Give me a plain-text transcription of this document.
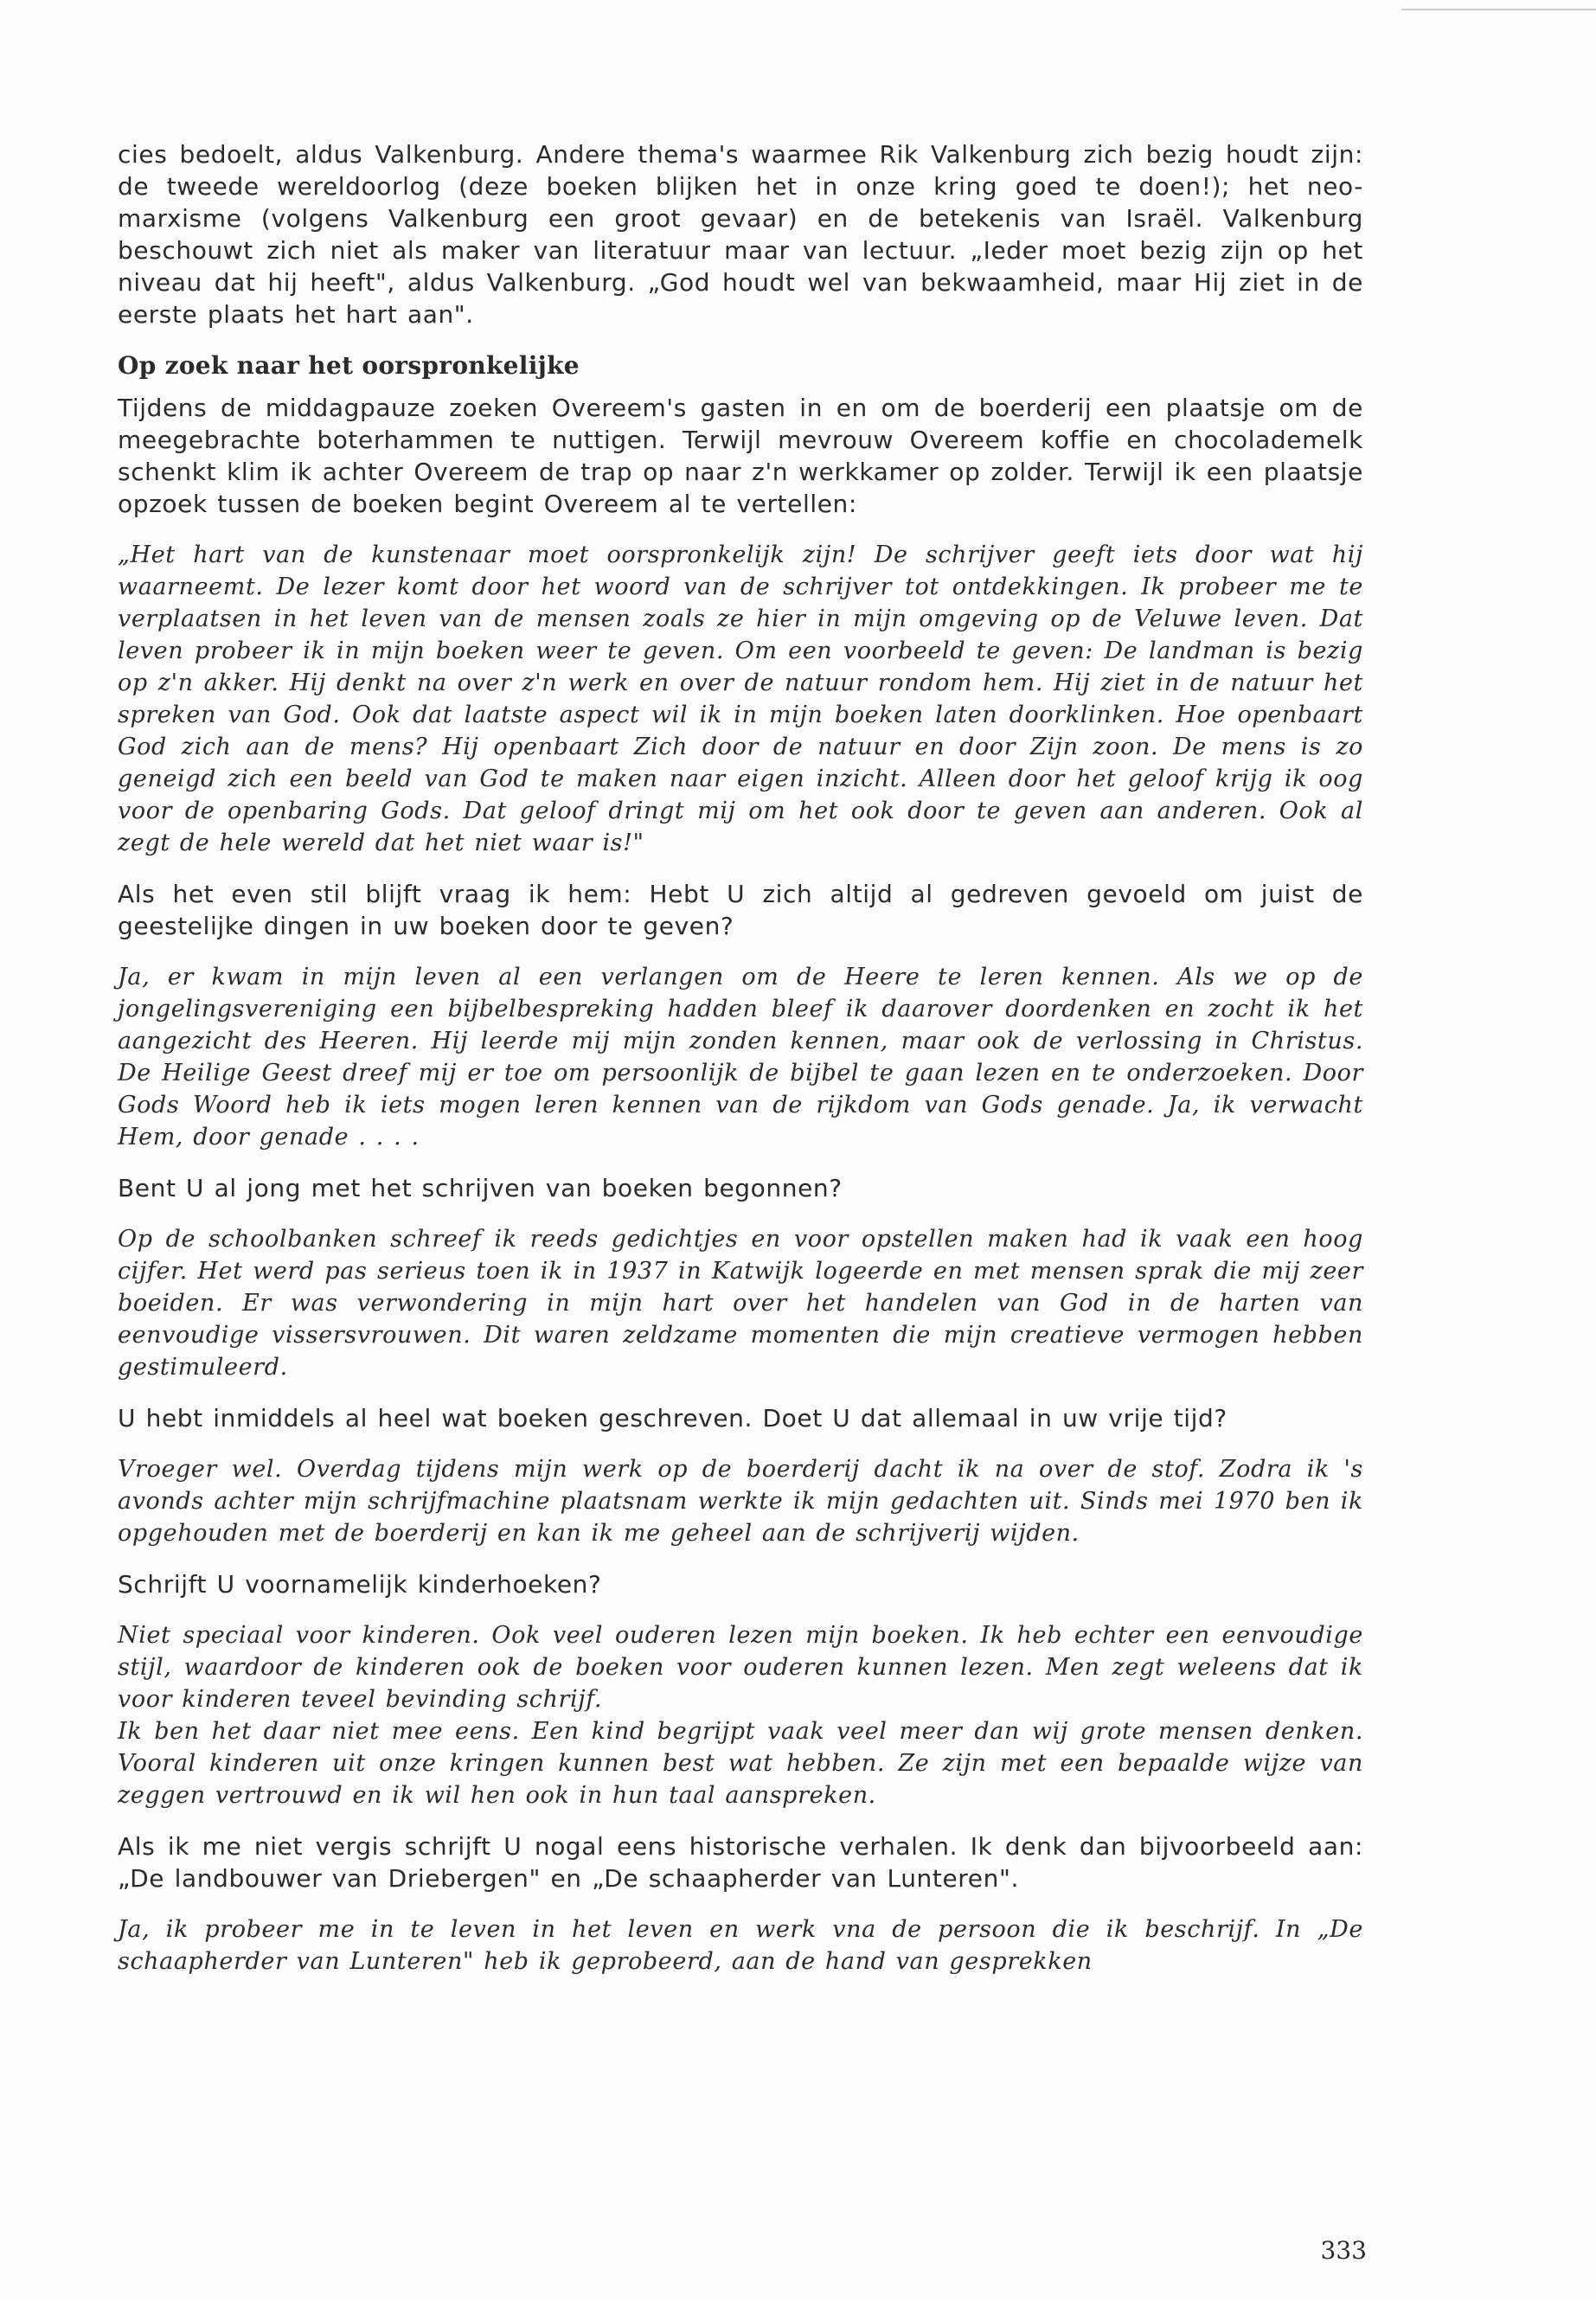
cies bedoelt, aldus Valkenburg. Andere thema's waarmee Rik Valkenburg zich bezig houdt zijn: de tweede wereldoorlog (deze boeken blijken het in onze kring goed te doen!); het neo-marxisme (volgens Valkenburg een groot gevaar) en de betekenis van Israël. Valkenburg beschouwt zich niet als maker van literatuur maar van lectuur. „Ieder moet bezig zijn op het niveau dat hij heeft", aldus Valkenburg. „God houdt wel van bekwaamheid, maar Hij ziet in de eerste plaats het hart aan".

Op zoek naar het oorspronkelijke

Tijdens de middagpauze zoeken Overeem's gasten in en om de boerderij een plaatsje om de meegebrachte boterhammen te nuttigen. Terwijl mevrouw Overeem koffie en chocolademelk schenkt klim ik achter Overeem de trap op naar z'n werkkamer op zolder. Terwijl ik een plaatsje opzoek tussen de boeken begint Overeem al te vertellen:

„Het hart van de kunstenaar moet oorspronkelijk zijn! De schrijver geeft iets door wat hij waarneemt. De lezer komt door het woord van de schrijver tot ontdekkingen. Ik probeer me te verplaatsen in het leven van de mensen zoals ze hier in mijn omgeving op de Veluwe leven. Dat leven probeer ik in mijn boeken weer te geven. Om een voorbeeld te geven: De landman is bezig op z'n akker. Hij denkt na over z'n werk en over de natuur rondom hem. Hij ziet in de natuur het spreken van God. Ook dat laatste aspect wil ik in mijn boeken laten doorklinken. Hoe openbaart God zich aan de mens? Hij openbaart Zich door de natuur en door Zijn zoon. De mens is zo geneigd zich een beeld van God te maken naar eigen inzicht. Alleen door het geloof krijg ik oog voor de openbaring Gods. Dat geloof dringt mij om het ook door te geven aan anderen. Ook al zegt de hele wereld dat het niet waar is!"

Als het even stil blijft vraag ik hem: Hebt U zich altijd al gedreven gevoeld om juist de geestelijke dingen in uw boeken door te geven?

Ja, er kwam in mijn leven al een verlangen om de Heere te leren kennen. Als we op de jongelingsvereniging een bijbelbespreking hadden bleef ik daarover doordenken en zocht ik het aangezicht des Heeren. Hij leerde mij mijn zonden kennen, maar ook de verlossing in Christus. De Heilige Geest dreef mij er toe om persoonlijk de bijbel te gaan lezen en te onderzoeken. Door Gods Woord heb ik iets mogen leren kennen van de rijkdom van Gods genade. Ja, ik verwacht Hem, door genade . . . .

Bent U al jong met het schrijven van boeken begonnen?

Op de schoolbanken schreef ik reeds gedichtjes en voor opstellen maken had ik vaak een hoog cijfer. Het werd pas serieus toen ik in 1937 in Katwijk logeerde en met mensen sprak die mij zeer boeiden. Er was verwondering in mijn hart over het handelen van God in de harten van eenvoudige vissersvrouwen. Dit waren zeldzame momenten die mijn creatieve vermogen hebben gestimuleerd.

U hebt inmiddels al heel wat boeken geschreven. Doet U dat allemaal in uw vrije tijd?

Vroeger wel. Overdag tijdens mijn werk op de boerderij dacht ik na over de stof. Zodra ik 's avonds achter mijn schrijfmachine plaatsnam werkte ik mijn gedachten uit. Sinds mei 1970 ben ik opgehouden met de boerderij en kan ik me geheel aan de schrijverij wijden.

Schrijft U voornamelijk kinderhoeken?

Niet speciaal voor kinderen. Ook veel ouderen lezen mijn boeken. Ik heb echter een eenvoudige stijl, waardoor de kinderen ook de boeken voor ouderen kunnen lezen. Men zegt weleens dat ik voor kinderen teveel bevinding schrijf.

Ik ben het daar niet mee eens. Een kind begrijpt vaak veel meer dan wij grote mensen denken. Vooral kinderen uit onze kringen kunnen best wat hebben. Ze zijn met een bepaalde wijze van zeggen vertrouwd en ik wil hen ook in hun taal aanspreken.

Als ik me niet vergis schrijft U nogal eens historische verhalen. Ik denk dan bijvoorbeeld aan: „De landbouwer van Driebergen" en „De schaapherder van Lunteren".

Ja, ik probeer me in te leven in het leven en werk vna de persoon die ik beschrijf. In „De schaapherder van Lunteren" heb ik geprobeerd, aan de hand van gesprekken

333
